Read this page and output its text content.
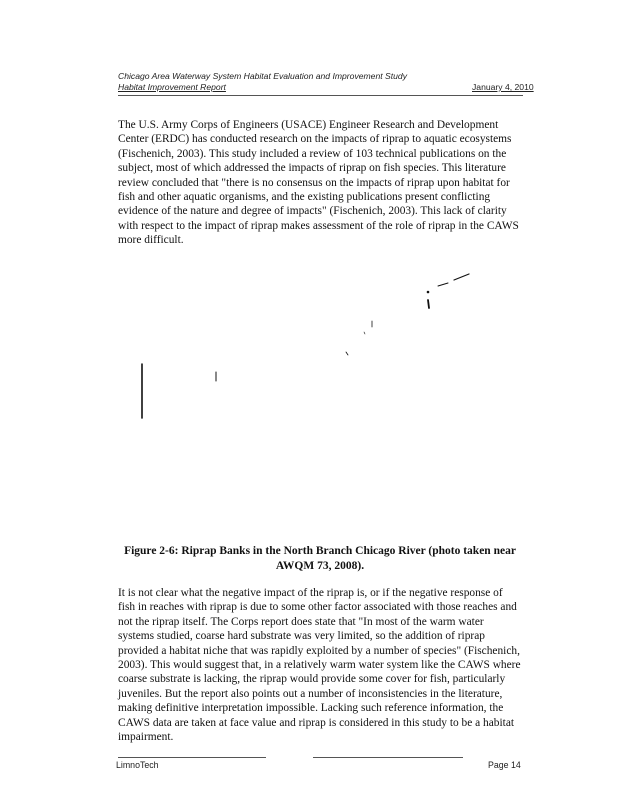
Chicago Area Waterway System Habitat Evaluation and Improvement Study
Habitat Improvement Report	January 4, 2010

The U.S. Army Corps of Engineers (USACE) Engineer Research and Development Center (ERDC) has conducted research on the impacts of riprap to aquatic ecosystems (Fischenich, 2003). This study included a review of 103 technical publications on the subject, most of which addressed the impacts of riprap on fish species. This literature review concluded that "there is no consensus on the impacts of riprap upon habitat for fish and other aquatic organisms, and the existing publications present conflicting evidence of the nature and degree of impacts" (Fischenich, 2003). This lack of clarity with respect to the impact of riprap makes assessment of the role of riprap in the CAWS more difficult.

Figure 2-6: Riprap Banks in the North Branch Chicago River (photo taken near AWQM 73, 2008).

It is not clear what the negative impact of the riprap is, or if the negative response of fish in reaches with riprap is due to some other factor associated with those reaches and not the riprap itself. The Corps report does state that "In most of the warm water systems studied, coarse hard substrate was very limited, so the addition of riprap provided a habitat niche that was rapidly exploited by a number of species" (Fischenich, 2003). This would suggest that, in a relatively warm water system like the CAWS where coarse substrate is lacking, the riprap would provide some cover for fish, particularly juveniles. But the report also points out a number of inconsistencies in the literature, making definitive interpretation impossible. Lacking such reference information, the CAWS data are taken at face value and riprap is considered in this study to be a habitat impairment.

LimnoTech	Page 14
